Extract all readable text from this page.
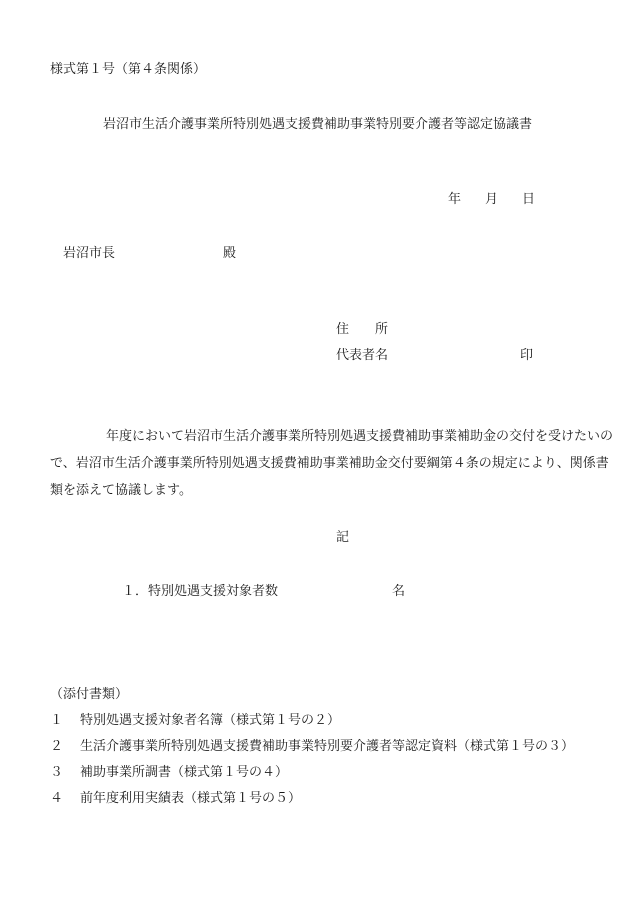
様式第１号（第４条関係）
岩沼市生活介護事業所特別処遇支援費補助事業特別要介護者等認定協議書
年 月 日
岩沼市長	殿
住　　所
代表者名	印
年度において岩沼市生活介護事業所特別処遇支援費補助事業補助金の交付を受けたいので、岩沼市生活介護事業所特別処遇支援費補助事業補助金交付要綱第４条の規定により、関係書類を添えて協議します。
記
１．特別処遇支援対象者数	名
（添付書類）
１ 特別処遇支援対象者名簿（様式第１号の２）
２ 生活介護事業所特別処遇支援費補助事業特別要介護者等認定資料（様式第１号の３）
３ 補助事業所調書（様式第１号の４）
４ 前年度利用実績表（様式第１号の５）
